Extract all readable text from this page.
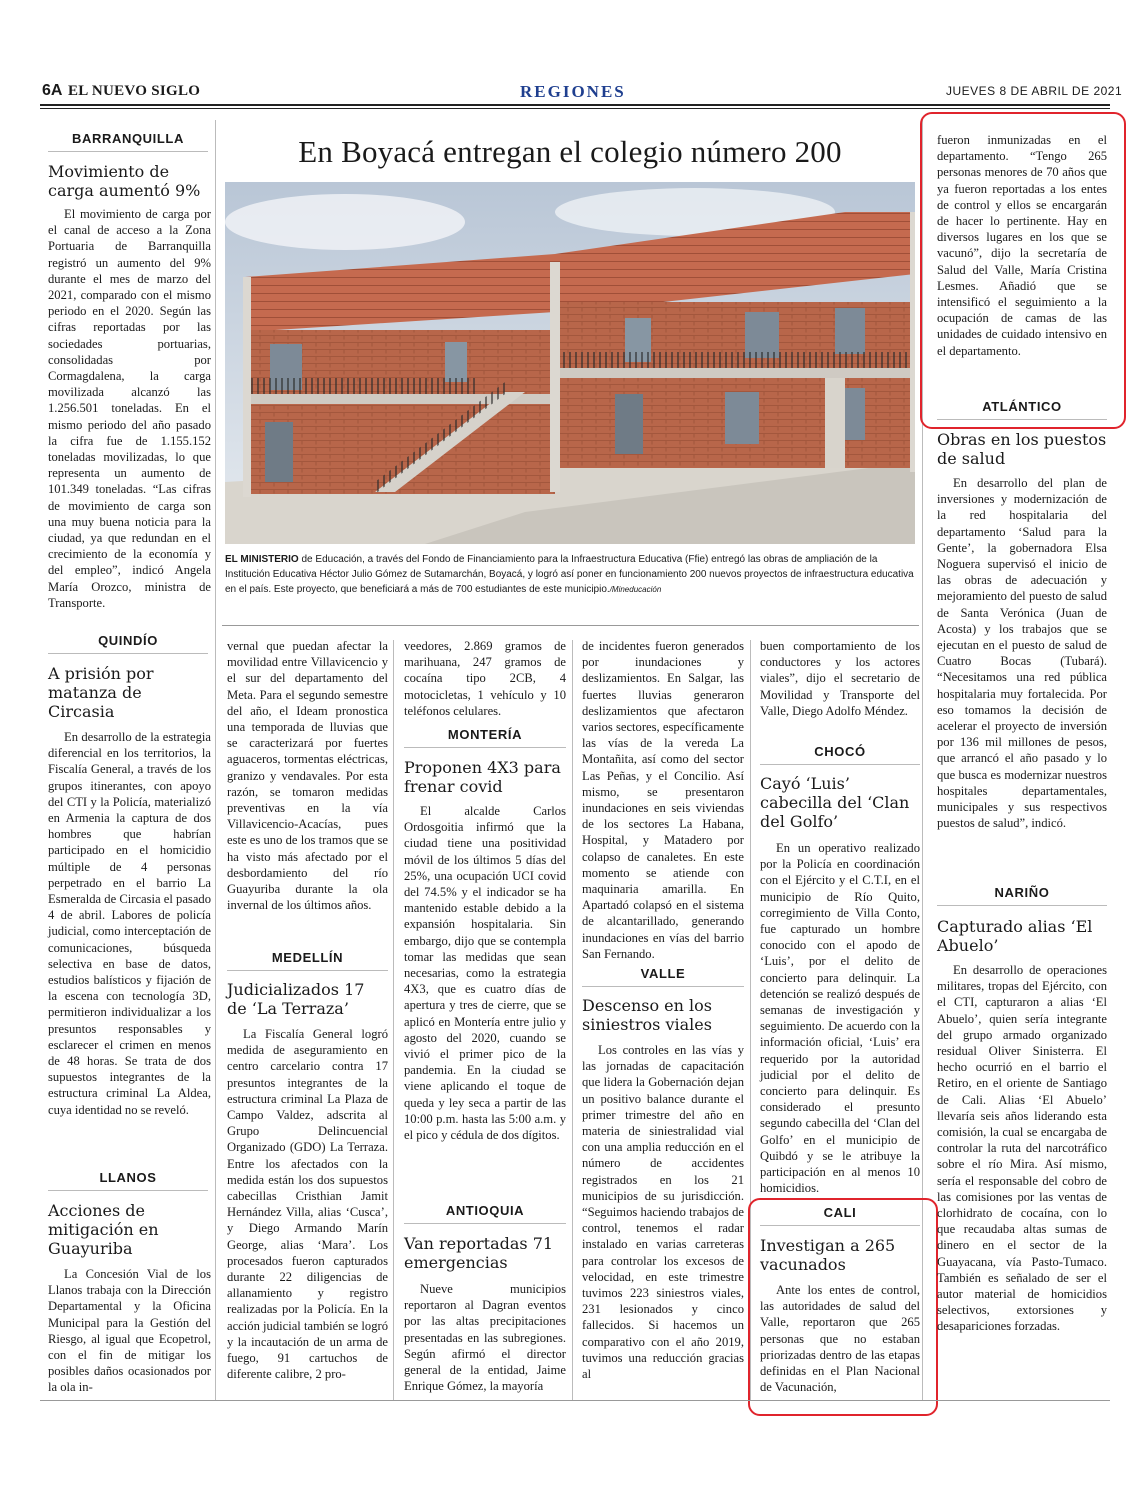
6A EL NUEVO SIGLO	REGIONES	JUEVES 8 DE ABRIL DE 2021
BARRANQUILLA
Movimiento de carga aumentó 9%
El movimiento de carga por el canal de acceso a la Zona Portuaria de Barranquilla registró un aumento del 9% durante el mes de marzo del 2021, comparado con el mismo periodo en el 2020. Según las cifras reportadas por las sociedades portuarias, consolidadas por Cormagdalena, la carga movilizada alcanzó las 1.256.501 toneladas. En el mismo periodo del año pasado la cifra fue de 1.155.152 toneladas movilizadas, lo que representa un aumento de 101.349 toneladas. “Las cifras de movimiento de carga son una muy buena noticia para la ciudad, ya que redundan en el crecimiento de la economía y del empleo”, indicó Angela María Orozco, ministra de Transporte.
QUINDÍO
A prisión por matanza de Circasia
En desarrollo de la estrategia diferencial en los territorios, la Fiscalía General, a través de los grupos itinerantes, con apoyo del CTI y la Policía, materializó en Armenia la captura de dos hombres que habrían participado en el homicidio múltiple de 4 personas perpetrado en el barrio La Esmeralda de Circasia el pasado 4 de abril. Labores de policía judicial, como interceptación de comunicaciones, búsqueda selectiva en base de datos, estudios balísticos y fijación de la escena con tecnología 3D, permitieron individualizar a los presuntos responsables y esclarecer el crimen en menos de 48 horas. Se trata de dos supuestos integrantes de la estructura criminal La Aldea, cuya identidad no se reveló.
LLANOS
Acciones de mitigación en Guayuriba
La Concesión Vial de los Llanos trabaja con la Dirección Departamental y la Oficina Municipal para la Gestión del Riesgo, al igual que Ecopetrol, con el fin de mitigar los posibles daños ocasionados por la ola in-
En Boyacá entregan el colegio número 200
EL MINISTERIO de Educación, a través del Fondo de Financiamiento para la Infraestructura Educativa (Ffie) entregó las obras de ampliación de la Institución Educativa Héctor Julio Gómez de Sutamarchán, Boyacá, y logró así poner en funcionamiento 200 nuevos proyectos de infraestructura educativa en el país. Este proyecto, que beneficiará a más de 700 estudiantes de este municipio./Mineducación
vernal que puedan afectar la movilidad entre Villavicencio y el sur del departamento del Meta. Para el segundo semestre del año, el Ideam pronostica una temporada de lluvias que se caracterizará por fuertes aguaceros, tormentas eléctricas, granizo y vendavales. Por esta razón, se tomaron medidas preventivas en la vía Villavicencio-Acacías, pues este es uno de los tramos que se ha visto más afectado por el desbordamiento del río Guayuriba durante la ola invernal de los últimos años.
MEDELLÍN
Judicializados 17 de ‘La Terraza’
La Fiscalía General logró medida de aseguramiento en centro carcelario contra 17 presuntos integrantes de la estructura criminal La Plaza de Campo Valdez, adscrita al Grupo Delincuencial Organizado (GDO) La Terraza. Entre los afectados con la medida están los dos supuestos cabecillas Cristhian Jamit Hernández Villa, alias ‘Cusca’, y Diego Armando Marín George, alias ‘Mara’. Los procesados fueron capturados durante 22 diligencias de allanamiento y registro realizadas por la Policía. En la acción judicial también se logró y la incautación de un arma de fuego, 91 cartuchos de diferente calibre, 2 pro-
veedores, 2.869 gramos de marihuana, 247 gramos de cocaína tipo 2CB, 4 motocicletas, 1 vehículo y 10 teléfonos celulares.
MONTERÍA
Proponen 4X3 para frenar covid
El alcalde Carlos Ordosgoitia infirmó que la ciudad tiene una positividad móvil de los últimos 5 días del 25%, una ocupación UCI covid del 74.5% y el indicador se ha mantenido estable debido a la expansión hospitalaria. Sin embargo, dijo que se contempla tomar las medidas que sean necesarias, como la estrategia 4X3, que es cuatro días de apertura y tres de cierre, que se aplicó en Montería entre julio y agosto del 2020, cuando se vivió el primer pico de la pandemia. En la ciudad se viene aplicando el toque de queda y ley seca a partir de las 10:00 p.m. hasta las 5:00 a.m. y el pico y cédula de dos dígitos.
ANTIOQUIA
Van reportadas 71 emergencias
Nueve municipios reportaron al Dagran eventos por las altas precipitaciones presentadas en las subregiones. Según afirmó el director general de la entidad, Jaime Enrique Gómez, la mayoría
de incidentes fueron generados por inundaciones y deslizamientos. En Salgar, las fuertes lluvias generaron deslizamientos que afectaron varios sectores, específicamente las vías de la vereda La Montañita, así como del sector Las Peñas, y el Concilio. Así mismo, se presentaron inundaciones en seis viviendas de los sectores La Habana, Hospital, y Matadero por colapso de canaletes. En este momento se atiende con maquinaria amarilla. En Apartadó colapsó en el sistema de alcantarillado, generando inundaciones en vías del barrio San Fernando.
VALLE
Descenso en los siniestros viales
Los controles en las vías y las jornadas de capacitación que lidera la Gobernación dejan un positivo balance durante el primer trimestre del año en materia de siniestralidad vial con una amplia reducción en el número de accidentes registrados en los 21 municipios de su jurisdicción. “Seguimos haciendo trabajos de control, tenemos el radar instalado en varias carreteras para controlar los excesos de velocidad, en este trimestre tuvimos 223 siniestros viales, 231 lesionados y cinco fallecidos. Si hacemos un comparativo con el año 2019, tuvimos una reducción gracias al
buen comportamiento de los conductores y los actores viales”, dijo el secretario de Movilidad y Transporte del Valle, Diego Adolfo Méndez.
CHOCÓ
Cayó ‘Luis’ cabecilla del ‘Clan del Golfo’
En un operativo realizado por la Policía en coordinación con el Ejército y el C.T.I, en el municipio de Río Quito, corregimiento de Villa Conto, fue capturado un hombre conocido con el apodo de ‘Luis’, por el delito de concierto para delinquir. La detención se realizó después de semanas de investigación y seguimiento. De acuerdo con la información oficial, ‘Luis’ era requerido por la autoridad judicial por el delito de concierto para delinquir. Es considerado el presunto segundo cabecilla del ‘Clan del Golfo’ en el municipio de Quibdó y se le atribuye la participación en al menos 10 homicidios.
CALI
Investigan a 265 vacunados
Ante los entes de control, las autoridades de salud del Valle, reportaron que 265 personas que no estaban priorizadas dentro de las etapas definidas en el Plan Nacional de Vacunación,
fueron inmunizadas en el departamento. “Tengo 265 personas menores de 70 años que ya fueron reportadas a los entes de control y ellos se encargarán de hacer lo pertinente. Hay en diversos lugares en los que se vacunó”, dijo la secretaría de Salud del Valle, María Cristina Lesmes. Añadió que se intensificó el seguimiento a la ocupación de camas de las unidades de cuidado intensivo en el departamento.
ATLÁNTICO
Obras en los puestos de salud
En desarrollo del plan de inversiones y modernización de la red hospitalaria del departamento ‘Salud para la Gente’, la gobernadora Elsa Noguera supervisó el inicio de las obras de adecuación y mejoramiento del puesto de salud de Santa Verónica (Juan de Acosta) y los trabajos que se ejecutan en el puesto de salud de Cuatro Bocas (Tubará). “Necesitamos una red pública hospitalaria muy fortalecida. Por eso tomamos la decisión de acelerar el proyecto de inversión por 136 mil millones de pesos, que arrancó el año pasado y lo que busca es modernizar nuestros hospitales departamentales, municipales y sus respectivos puestos de salud”, indicó.
NARIÑO
Capturado alias ‘El Abuelo’
En desarrollo de operaciones militares, tropas del Ejército, con el CTI, capturaron a alias ‘El Abuelo’, quien sería integrante del grupo armado organizado residual Oliver Sinisterra. El hecho ocurrió en el barrio el Retiro, en el oriente de Santiago de Cali. Alias ‘El Abuelo’ llevaría seis años liderando esta comisión, la cual se encargaba de controlar la ruta del narcotráfico sobre el río Mira. Así mismo, sería el responsable del cobro de las comisiones por las ventas de clorhidrato de cocaína, con lo que recaudaba altas sumas de dinero en el sector de la Guayacana, vía Pasto-Tumaco. También es señalado de ser el autor material de homicidios selectivos, extorsiones y desapariciones forzadas.
